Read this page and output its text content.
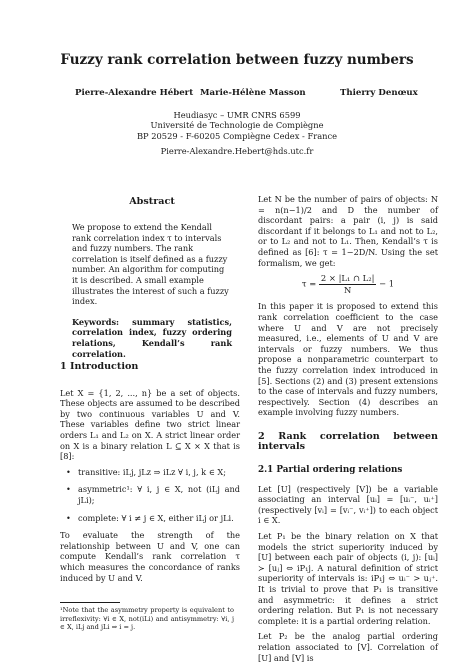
Fuzzy rank correlation between fuzzy numbers
Pierre-Alexandre Hébert Marie-Hélène Masson	Thierry Denœux
Heudiasyc – UMR CNRS 6599
Université de Technologie de Compiègne
BP 20529 - F-60205 Compiègne Cedex - France
Pierre-Alexandre.Hebert@hds.utc.fr
Abstract
We propose to extend the Kendall rank correlation index τ to intervals and fuzzy numbers. The rank correlation is itself defined as a fuzzy number. An algorithm for computing it is described. A small example illustrates the interest of such a fuzzy index.
Keywords: summary statistics, correlation index, fuzzy ordering relations, Kendall’s rank correlation.

1 Introduction

Let X = {1, 2, ..., n} be a set of objects. These objects are assumed to be described by two continuous variables U and V. These variables define two strict linear orders L₁ and L₂ on X. A strict linear order on X is a binary relation L ⊆ X × X that is [8]:

• transitive: iLj, jLz ⇒ iLz ∀ i, j, k ∈ X;
• asymmetric¹: ∀ i, j ∈ X, not (iLj and jLi);
• complete: ∀ i ≠ j ∈ X, either iLj or jLi.

To evaluate the strength of the relationship between U and V, one can compute Kendall’s rank correlation τ which measures the concordance of ranks induced by U and V.

¹Note that the asymmetry property is equivalent to irreflexivity: ∀i ∈ X, not(iLi) and antisymmetry: ∀i, j ∈ X, iLj and jLi ⇒ i = j.

Let N be the number of pairs of objects: N = n(n−1)/2 and D the number of discordant pairs: a pair (i, j) is said discordant if it belongs to L₁ and not to L₂, or to L₂ and not to L₁. Then, Kendall’s τ is defined as [6]: τ = 1−2D/N. Using the set formalism, we get:

$\tau = \frac{\text{2 × |L₁ ∩ L₂|}}{N} - 1$

In this paper it is proposed to extend this rank correlation coefficient to the case where U and V are not precisely measured, i.e., elements of U and V are intervals or fuzzy numbers. We thus propose a nonparametric counterpart to the fuzzy correlation index introduced in [5]. Sections (2) and (3) present extensions to the case of intervals and fuzzy numbers, respectively. Section (4) describes an example involving fuzzy numbers.

2 Rank correlation between intervals

2.1 Partial ordering relations

Let [U] (respectively [V]) be a variable associating an interval [uᵢ] = [uᵢ⁻, uᵢ⁺] (respectively [vᵢ] = [vᵢ⁻, vᵢ⁺]) to each object i ∈ X.

Let P₁ be the binary relation on X that models the strict superiority induced by [U] between each pair of objects (i, j): [uᵢ] ≻ [uⱼ] ⇔ iP₁j. A natural definition of strict superiority of intervals is: iP₁j ⇔ uᵢ⁻ > uⱼ⁺. It is trivial to prove that P₁ is transitive and asymmetric: it defines a strict ordering relation. But P₁ is not necessary complete: it is a partial ordering relation.

Let P₂ be the analog partial ordering relation associated to [V]. Correlation of [U] and [V] is
